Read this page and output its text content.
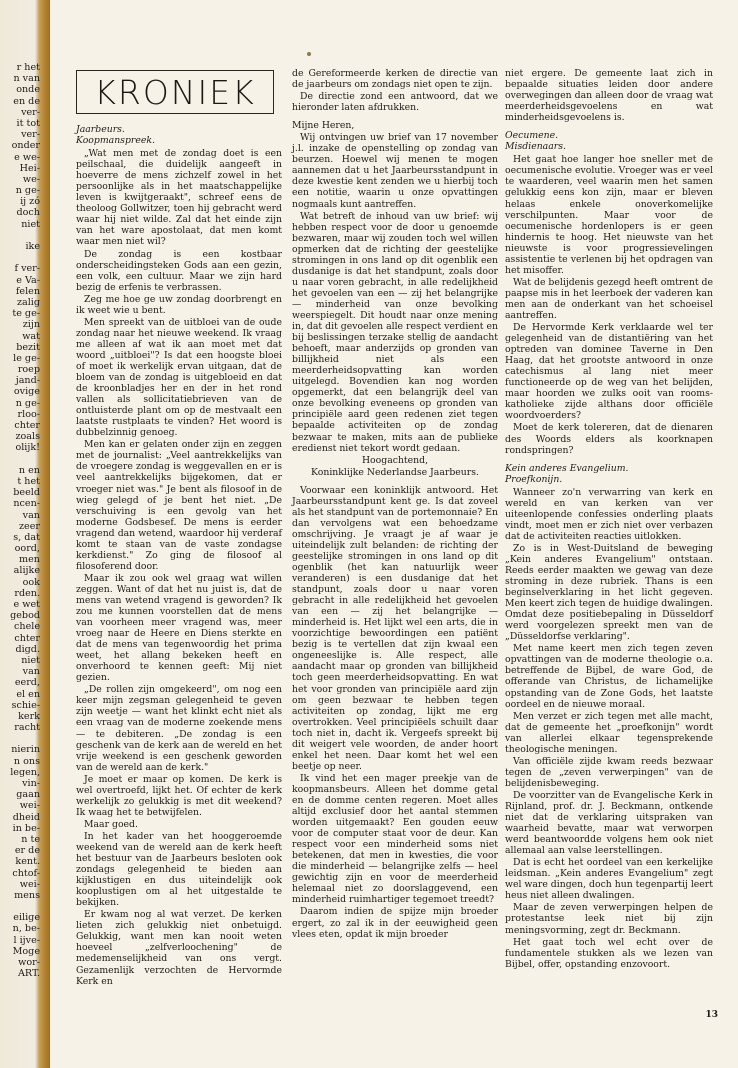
r het
n van
onde
en de
ver-
it tot
ver-
onder
e we-
Hei-
we-
n ge-
ij zó
doch
niet
ike
f ver-
e Va-
felen
zalig
te ge-
zijn
wat
bezit
le ge-
roep
jand-
ovige
n ge-
rloo-
chter
zoals
olijk!
n en
t het
beeld
ncen-
van
zeer
s, dat
oord,
men
alijke
ook
rden.
e wet
gebod
chele
chter
digd.
niet
van
eerd,
el en
schie-
kerk
racht
nierin
n ons
legen,
vin-
gaan
wei-
dheid
in be-
n te
er de
kent.
chtof-
wei-
mens
eilige
n, be-
l ijve-
Moge
wor-
ART.
KRONIEK
Jaarbeurs.
Koopmanspreek.

„Wat men met de zondag doet is een peilschaal, die duidelijk aangeeft in hoeverre de mens zichzelf zowel in het persoonlijke als in het maatschappelijke leven is kwijtgeraakt", schreef eens de theoloog Gollwitzer, toen hij gebracht werd waar hij niet wilde. Zal dat het einde zijn van het ware apostolaat, dat men komt waar men niet wil?

De zondag is een kostbaar onderscheidingsteken Gods aan een gezin, een volk, een cultuur. Maar we zijn hard bezig de erfenis te verbrassen.

Zeg me hoe ge uw zondag doorbrengt en ik weet wie u bent.

Men spreekt van de uitbloei van de oude zondag naar het nieuwe weekend. Ik vraag me alleen af wat ik aan moet met dat woord „uitbloei"? Is dat een hoogste bloei of moet ik werkelijk ervan uitgaan, dat de bloem van de zondag is uitgebloeid en dat de kroonbladjes her en der in het rond vallen als sollicitatiebrieven van de ontluisterde plant om op de mestvaalt een laatste rustplaats te vinden? Het woord is dubbelzinnig genoeg.

Men kan er gelaten onder zijn en zeggen met de journalist: „Veel aantrekkelijks van de vroegere zondag is weggevallen en er is veel aantrekkelijks bijgekomen, dat er vroeger niet was." Je bent als filosoof in de wieg gelegd of je bent het niet. „De verschuiving is een gevolg van het moderne Godsbesef. De mens is eerder vragend dan wetend, waardoor hij verderaf komt te staan van de vaste zondagse kerkdienst." Zo ging de filosoof al filosoferend door.

Maar ik zou ook wel graag wat willen zeggen. Want of dat het nu juist is, dat de mens van wetend vragend is geworden? Ik zou me kunnen voorstellen dat de mens van voorheen meer vragend was, meer vroeg naar de Heere en Diens sterkte en dat de mens van tegenwoordig het prima weet, het allang bekeken heeft en onverhoord te kennen geeft: Mij niet gezien.

„De rollen zijn omgekeerd", om nog een keer mijn zegsman gelegenheid te geven zijn weetje — want het klinkt echt niet als een vraag van de moderne zoekende mens — te debiteren. „De zondag is een geschenk van de kerk aan de wereld en het vrije weekend is een geschenk geworden van de wereld aan de kerk."

Je moet er maar op komen. De kerk is wel overtroefd, lijkt het. Of echter de kerk werkelijk zo gelukkig is met dit weekend? Ik waag het te betwijfelen.

Maar goed.

In het kader van het hooggeroemde weekend van de wereld aan de kerk heeft het bestuur van de Jaarbeurs besloten ook zondags gelegenheid te bieden aan kijklustigen en dus uiteindelijk ook kooplustigen om al het uitgestalde te bekijken.

Er kwam nog al wat verzet. De kerken lieten zich gelukkig niet onbetuigd. Gelukkig, want men kan nooit weten hoeveel „zelfverloochening" de medemenselijkheid van ons vergt. Gezamenlijk verzochten de Hervormde Kerk en

de Gereformeerde kerken de directie van de jaarbeurs om zondags niet open te zijn.

De directie zond een antwoord, dat we hieronder laten afdrukken.

Mijne Heren,

Wij ontvingen uw brief van 17 november j.l. inzake de openstelling op zondag van beurzen. Hoewel wij menen te mogen aannemen dat u het Jaarbeursstandpunt in deze kwestie kent zenden we u hierbij toch een notitie, waarin u onze opvattingen nogmaals kunt aantreffen.

Wat betreft de inhoud van uw brief: wij hebben respect voor de door u genoemde bezwaren, maar wij zouden toch wel willen opmerken dat de richting der geestelijke stromingen in ons land op dit ogenblik een dusdanige is dat het standpunt, zoals door u naar voren gebracht, in alle redelijkheid het gevoelen van een — zij het belangrijke — minderheid van onze bevolking weerspiegelt. Dit houdt naar onze mening in, dat dit gevoelen alle respect verdient en bij beslissingen terzake stellig de aandacht behoeft, maar anderzijds op gronden van billijkheid niet als een meerderheidsopvatting kan worden uitgelegd. Bovendien kan nog worden opgemerkt, dat een belangrijk deel van onze bevolking eveneens op gronden van principiële aard geen redenen ziet tegen bepaalde activiteiten op de zondag bezwaar te maken, mits aan de publieke eredienst niet tekort wordt gedaan.

Hoogachtend,

Koninklijke Nederlandse Jaarbeurs.

Voorwaar een koninklijk antwoord. Het Jaarbeursstandpunt kent ge. Is dat zoveel als het standpunt van de portemonnaie? En dan vervolgens wat een behoedzame omschrijving. Je vraagt je af waar je uiteindelijk zult belanden: de richting der geestelijke stromingen in ons land op dit ogenblik (het kan natuurlijk weer veranderen) is een dusdanige dat het standpunt, zoals door u naar voren gebracht in alle redelijkheid het gevoelen van een — zij het belangrijke — minderheid is. Het lijkt wel een arts, die in voorzichtige bewoordingen een patiënt bezig is te vertellen dat zijn kwaal een ongeneeslijke is. Alle respect, alle aandacht maar op gronden van billijkheid toch geen meerderheidsopvatting. En wat het voor gronden van principiële aard zijn om geen bezwaar te hebben tegen activiteiten op zondag, lijkt me erg overtrokken. Veel principiëels schuilt daar toch niet in, dacht ik. Vergeefs spreekt bij dit weigert vele woorden, de ander hoort enkel het neen. Daar komt het wel een beetje op neer.

Ik vind het een mager preekje van de koopmansbeurs. Alleen het domme getal en de domme centen regeren. Moet alles altijd exclusief door het aantal stemmen worden uitgemaakt? Een gouden eeuw voor de computer staat voor de deur. Kan respect voor een minderheid soms niet betekenen, dat men in kwesties, die voor die minderheid — belangrijke zelfs — heel gewichtig zijn en voor de meerderheid helemaal niet zo doorslaggevend, een minderheid ruimhartiger tegemoet treedt?

Daarom indien de spijze mijn broeder ergert, zo zal ik in der eeuwigheid geen vlees eten, opdat ik mijn broeder

niet ergere. De gemeente laat zich in bepaalde situaties leiden door andere overwegingen dan alleen door de vraag wat meerderheidsgevoelens en wat minderheidsgevoelens is.

Oecumene.
Misdienaars.

Het gaat hoe langer hoe sneller met de oecumenische evolutie. Vroeger was er veel te waarderen, veel waarin men het samen gelukkig eens kon zijn, maar er bleven helaas enkele onoverkomelijke verschilpunten. Maar voor de oecumenische hordenlopers is er geen hindernis te hoog. Het nieuwste van het nieuwste is voor progressievelingen assistentie te verlenen bij het opdragen van het misoffer.

Wat de belijdenis gezegd heeft omtrent de paapse mis in het leerboek der vaderen kan men aan de onderkant van het schoeisel aantreffen.

De Hervormde Kerk verklaarde wel ter gelegenheid van de distantiëring van het optreden van dominee Taverne in Den Haag, dat het grootste antwoord in onze catechismus al lang niet meer functioneerde op de weg van het belijden, maar hoorden we zulks ooit van rooms-katholieke zijde althans door officiële woordvoerders?

Moet de kerk tolereren, dat de dienaren des Woords elders als koorknapen rondspringen?

Kein anderes Evangelium.
Proefkonijn.

Wanneer zo'n verwarring van kerk en wereld en van kerken van ver uiteenlopende confessies onderling plaats vindt, moet men er zich niet over verbazen dat de activiteiten reacties uitlokken.

Zo is in West-Duitsland de beweging „Kein anderes Evangelium" ontstaan. Reeds eerder maakten we gewag van deze stroming in deze rubriek. Thans is een beginselverklaring in het licht gegeven. Men keert zich tegen de huidige dwalingen. Omdat deze positiebepaling in Düsseldorf werd voorgelezen spreekt men van de „Düsseldorfse verklaring".

Met name keert men zich tegen zeven opvattingen van de moderne theologie o.a. betreffende de Bijbel, de ware God, de offerande van Christus, de lichamelijke opstanding van de Zone Gods, het laatste oordeel en de nieuwe moraal.

Men verzet er zich tegen met alle macht, dat de gemeente het „proefkonijn" wordt van allerlei elkaar tegensprekende theologische meningen.

Van officiële zijde kwam reeds bezwaar tegen de „zeven verwerpingen" van de belijdenisbeweging.

De voorzitter van de Evangelische Kerk in Rijnland, prof. dr. J. Beckmann, ontkende niet dat de verklaring uitspraken van waarheid bevatte, maar wat verworpen werd beantwoordde volgens hem ook niet allemaal aan valse leerstellingen.

Dat is echt het oordeel van een kerkelijke leidsman. „Kein anderes Evangelium" zegt wel ware dingen, doch hun tegenpartij leert heus niet alleen dwalingen.

Maar de zeven verwerpingen helpen de protestantse leek niet bij zijn meningsvorming, zegt dr. Beckmann.

Het gaat toch wel echt over de fundamentele stukken als we lezen van Bijbel, offer, opstanding enzovoort.

13
